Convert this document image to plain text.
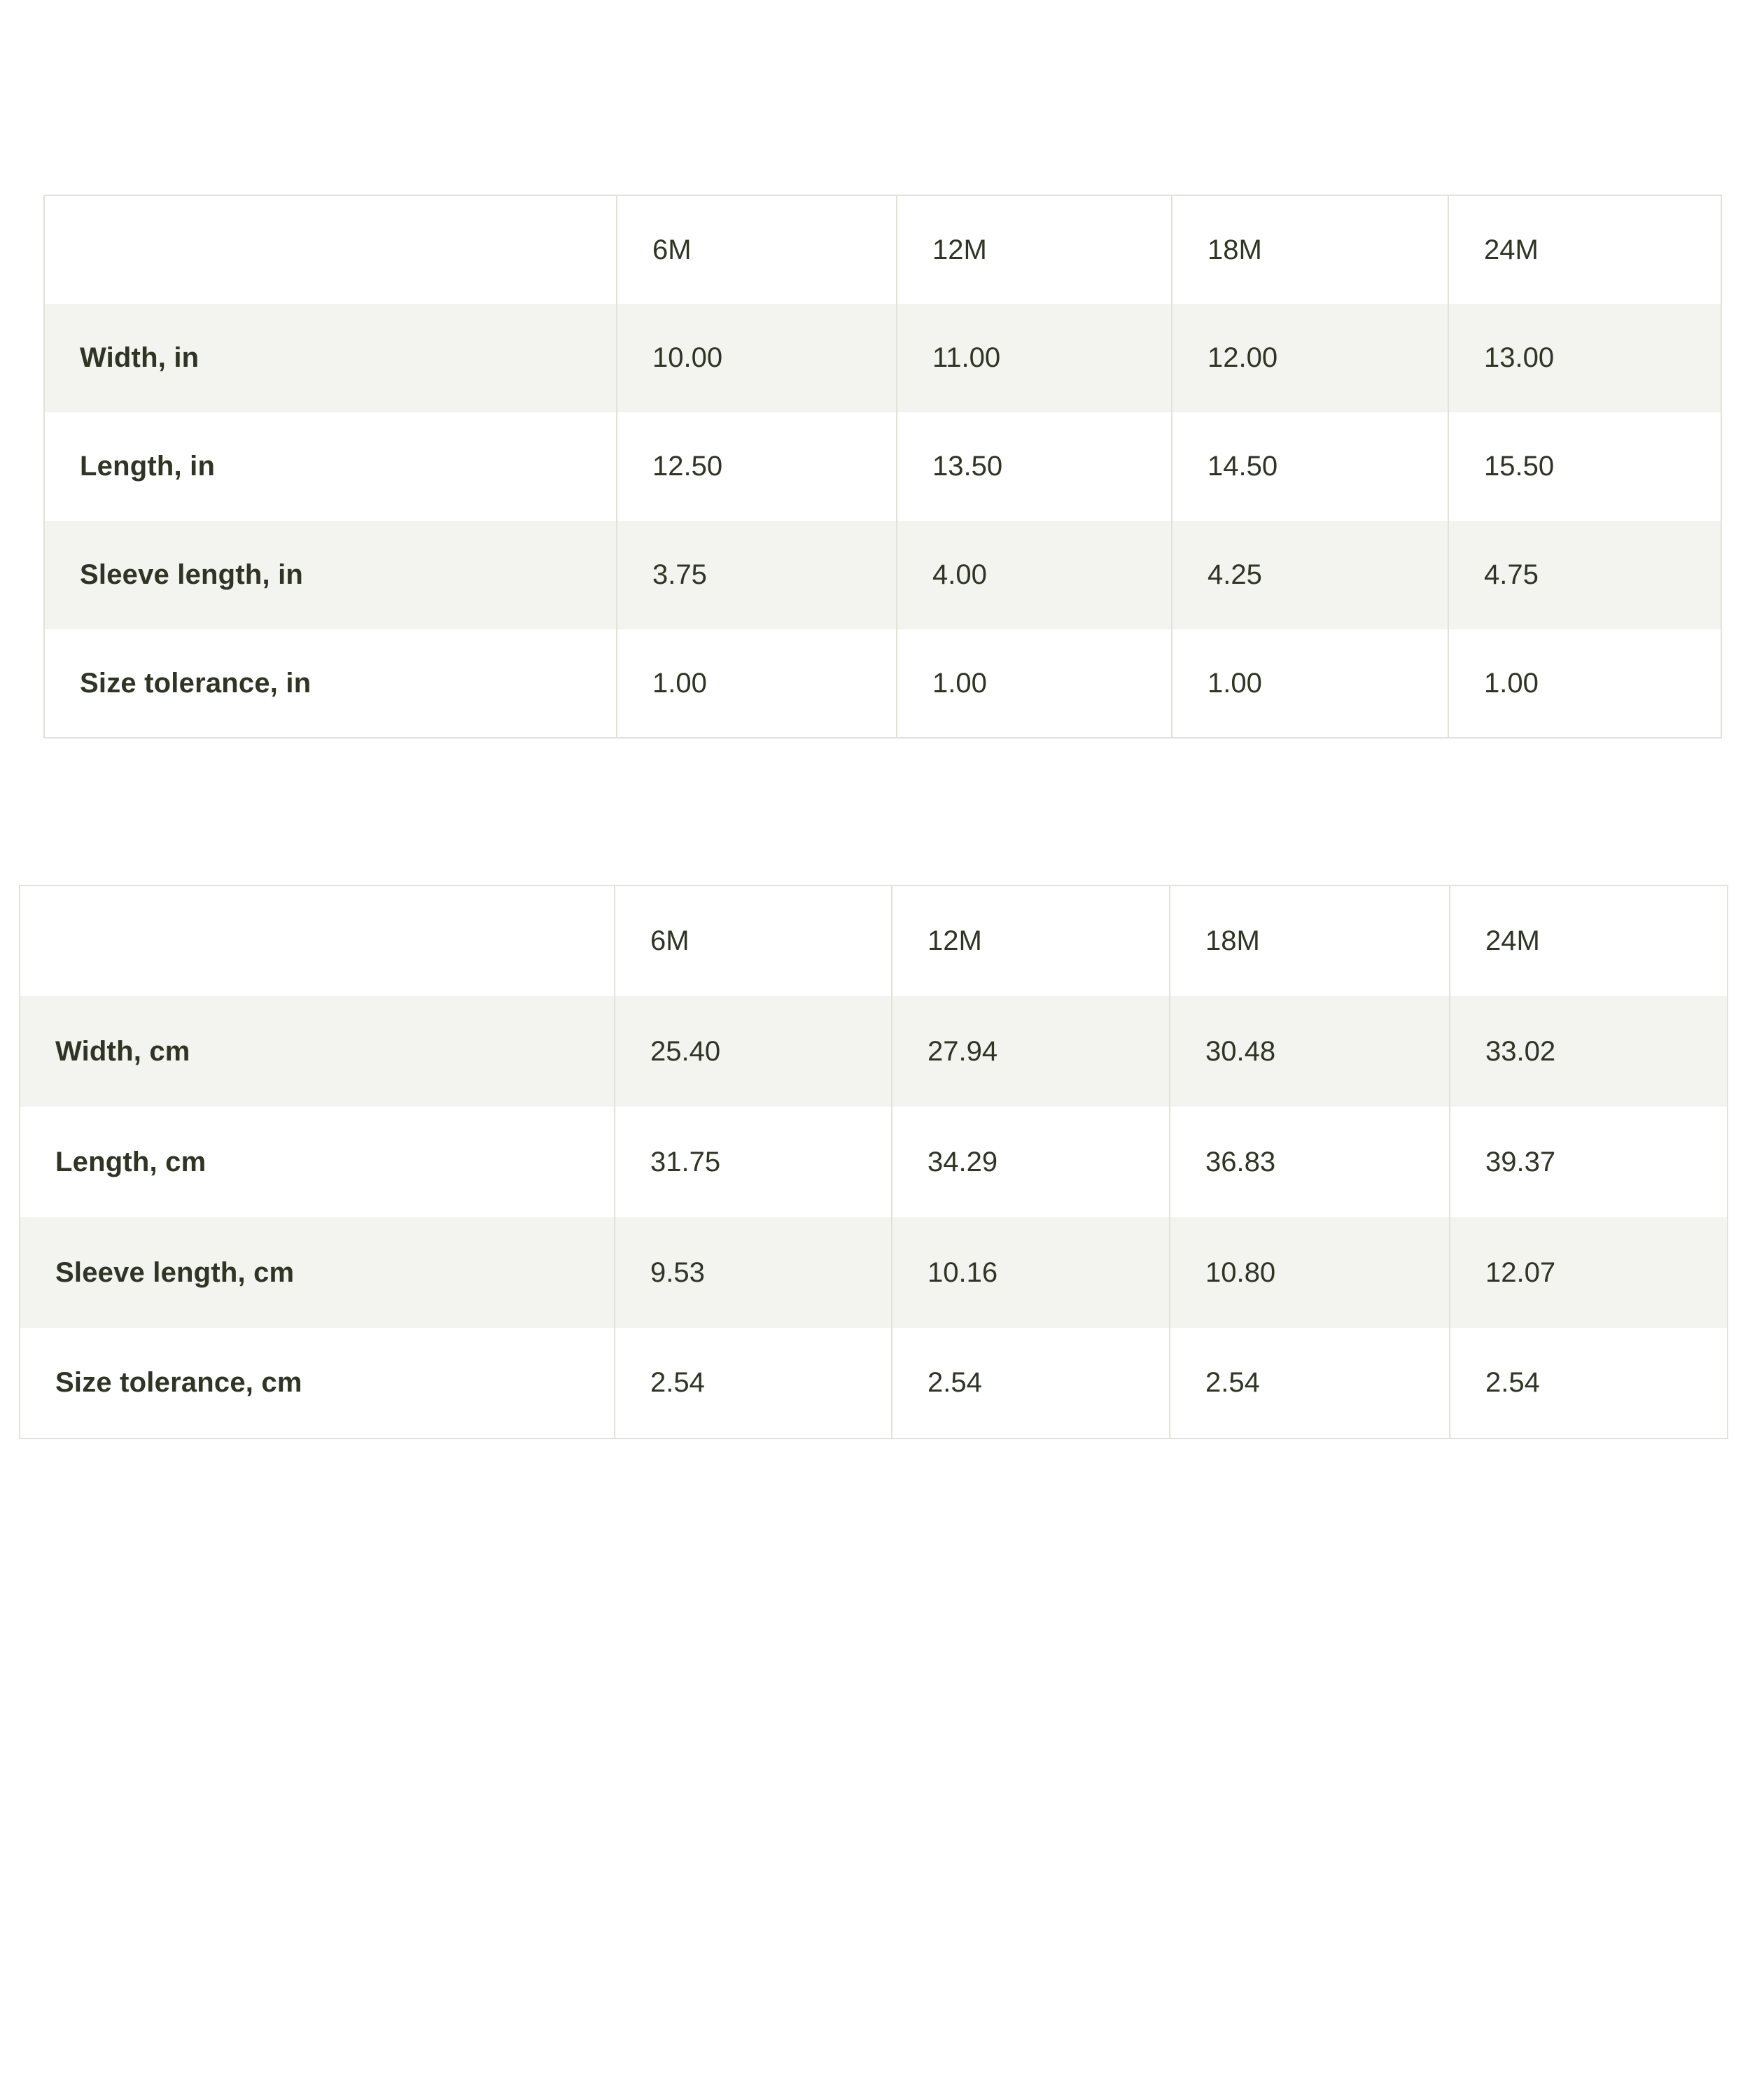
	6M	12M	18M	24M
Width, in	10.00	11.00	12.00	13.00
Length, in	12.50	13.50	14.50	15.50
Sleeve length, in	3.75	4.00	4.25	4.75
Size tolerance, in	1.00	1.00	1.00	1.00
	6M	12M	18M	24M
Width, cm	25.40	27.94	30.48	33.02
Length, cm	31.75	34.29	36.83	39.37
Sleeve length, cm	9.53	10.16	10.80	12.07
Size tolerance, cm	2.54	2.54	2.54	2.54
